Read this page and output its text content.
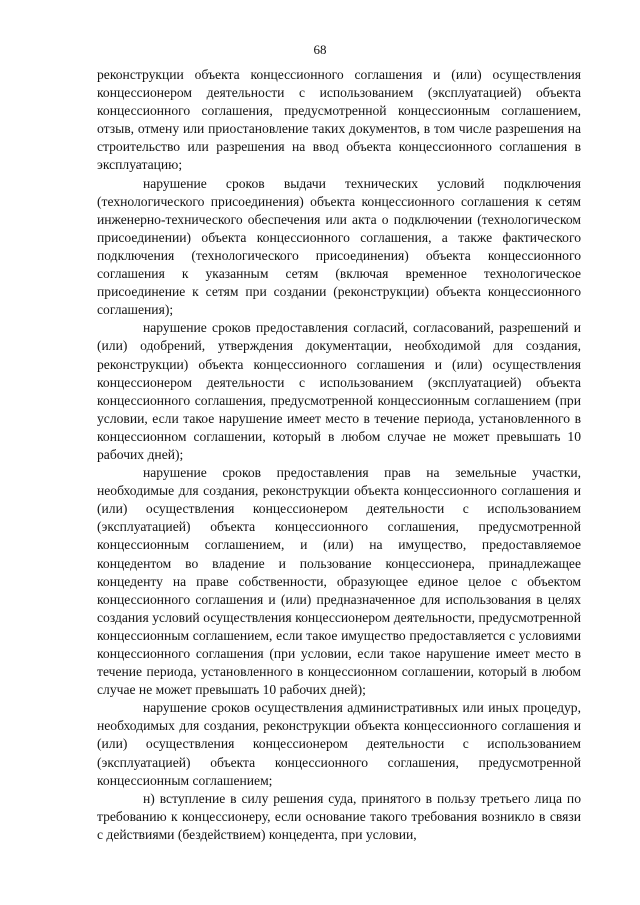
68

реконструкции объекта концессионного соглашения и (или) осуществления концессионером деятельности с использованием (эксплуатацией) объекта концессионного соглашения, предусмотренной концессионным соглашением, отзыв, отмену или приостановление таких документов, в том числе разрешения на строительство или разрешения на ввод объекта концессионного соглашения в эксплуатацию;

нарушение сроков выдачи технических условий подключения (технологического присоединения) объекта концессионного соглашения к сетям инженерно-технического обеспечения или акта о подключении (технологическом присоединении) объекта концессионного соглашения, а также фактического подключения (технологического присоединения) объекта концессионного соглашения к указанным сетям (включая временное технологическое присоединение к сетям при создании (реконструкции) объекта концессионного соглашения);

нарушение сроков предоставления согласий, согласований, разрешений и (или) одобрений, утверждения документации, необходимой для создания, реконструкции) объекта концессионного соглашения и (или) осуществления концессионером деятельности с использованием (эксплуатацией) объекта концессионного соглашения, предусмотренной концессионным соглашением (при условии, если такое нарушение имеет место в течение периода, установленного в концессионном соглашении, который в любом случае не может превышать 10 рабочих дней);

нарушение сроков предоставления прав на земельные участки, необходимые для создания, реконструкции объекта концессионного соглашения и (или) осуществления концессионером деятельности с использованием (эксплуатацией) объекта концессионного соглашения, предусмотренной концессионным соглашением, и (или) на имущество, предоставляемое концедентом во владение и пользование концессионера, принадлежащее концеденту на праве собственности, образующее единое целое с объектом концессионного соглашения и (или) предназначенное для использования в целях создания условий осуществления концессионером деятельности, предусмотренной концессионным соглашением, если такое имущество предоставляется с условиями концессионного соглашения (при условии, если такое нарушение имеет место в течение периода, установленного в концессионном соглашении, который в любом случае не может превышать 10 рабочих дней);

нарушение сроков осуществления административных или иных процедур, необходимых для создания, реконструкции объекта концессионного соглашения и (или) осуществления концессионером деятельности с использованием (эксплуатацией) объекта концессионного соглашения, предусмотренной концессионным соглашением;

н) вступление в силу решения суда, принятого в пользу третьего лица по требованию к концессионеру, если основание такого требования возникло в связи с действиями (бездействием) концедента, при условии,
